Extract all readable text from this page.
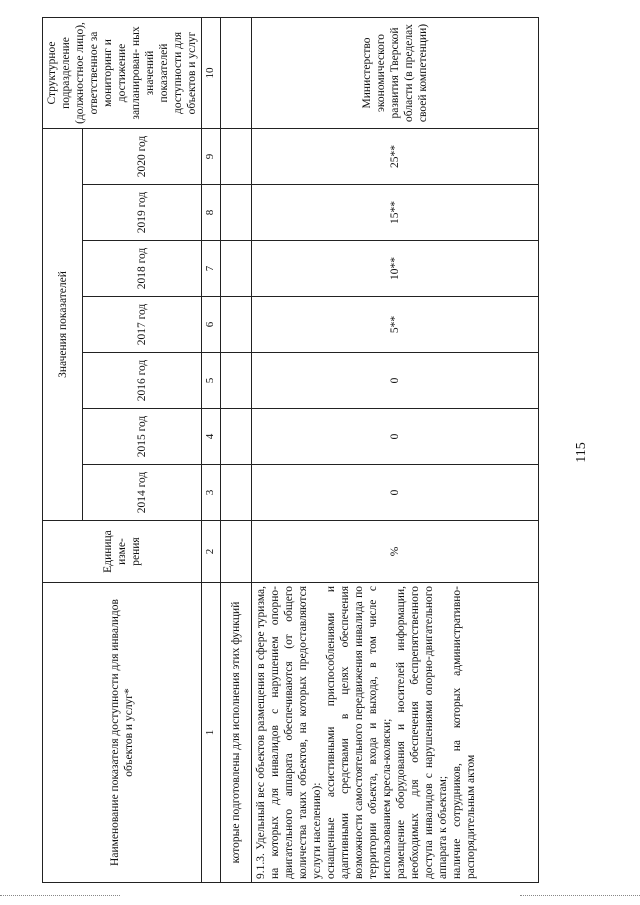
115
Наименование показателя доступности для инвалидов объектов и услуг*	Единица изме- рения	Значения показателей							Структурное подразделение (должностное лицо), ответственное за мониторинг и достижение запланирован- ных значений показателей доступности для объектов и услуг
		2014 год	2015 год	2016 год	2017 год	2018 год	2019 год	2020 год	
1	2	3	4	5	6	7	8	9	10
которые подготовлены для исполнения этих функций									

9.1.3. Удельный вес объектов размещения в сфере туризма, на которых для инвалидов с нарушением опорно-двигательного аппарата обеспечиваются (от общего количества таких объектов, на которых предоставляются услуги населению): оснащенные ассистивными приспособлениями и адаптивными средствами в целях обеспечения возможности самостоятельного передвижения инвалида по территории объекта, входа и выхода, в том числе с использованием кресла-коляски; размещение оборудования и носителей информации, необходимых для обеспечения беспрепятственного доступа инвалидов с нарушениями опорно-двигательного аппарата к объектам; наличие сотрудников, на которых административно-распорядительным актом	%	0	0	0	5**	10**	15**	25**	Министерство экономического развития Тверской области (в пределах своей компетенции)
